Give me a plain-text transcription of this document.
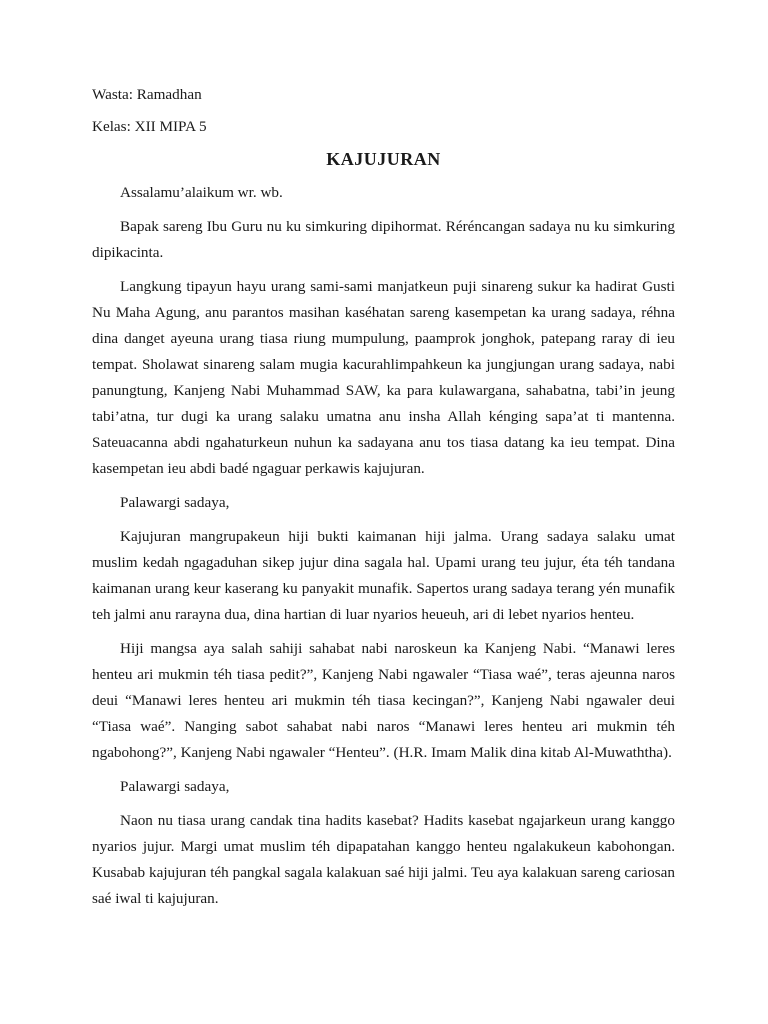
Wasta: Ramadhan

Kelas: XII MIPA 5

KAJUJURAN

Assalamu’alaikum wr. wb.

Bapak sareng Ibu Guru nu ku simkuring dipihormat. Réréncangan sadaya nu ku simkuring dipikacinta.

Langkung tipayun hayu urang sami-sami manjatkeun puji sinareng sukur ka hadirat Gusti Nu Maha Agung, anu parantos masihan kaséhatan sareng kasempetan ka urang sadaya, réhna dina danget ayeuna urang tiasa riung mumpulung, paamprok jonghok, patepang raray di ieu tempat. Sholawat sinareng salam mugia kacurahlimpahkeun ka jungjungan urang sadaya, nabi panungtung, Kanjeng Nabi Muhammad SAW, ka para kulawargana, sahabatna, tabi’in jeung tabi’atna, tur dugi ka urang salaku umatna anu insha Allah kénging sapa’at ti mantenna. Sateuacanna abdi ngahaturkeun nuhun ka sadayana anu tos tiasa datang ka ieu tempat. Dina kasempetan ieu abdi badé ngaguar perkawis kajujuran.

Palawargi sadaya,

Kajujuran mangrupakeun hiji bukti kaimanan hiji jalma. Urang sadaya salaku umat muslim kedah ngagaduhan sikep jujur dina sagala hal. Upami urang teu jujur, éta téh tandana kaimanan urang keur kaserang ku panyakit munafik. Sapertos urang sadaya terang yén munafik teh jalmi anu rarayna dua, dina hartian di luar nyarios heueuh, ari di lebet nyarios henteu.

Hiji mangsa aya salah sahiji sahabat nabi naroskeun ka Kanjeng Nabi. “Manawi leres henteu ari mukmin téh tiasa pedit?”, Kanjeng Nabi ngawaler “Tiasa waé”, teras ajeunna naros deui “Manawi leres henteu ari mukmin téh tiasa kecingan?”, Kanjeng Nabi ngawaler deui “Tiasa waé”. Nanging sabot sahabat nabi naros “Manawi leres henteu ari mukmin téh ngabohong?”, Kanjeng Nabi ngawaler “Henteu”. (H.R. Imam Malik dina kitab Al-Muwaththa).

Palawargi sadaya,

Naon nu tiasa urang candak tina hadits kasebat? Hadits kasebat ngajarkeun urang kanggo nyarios jujur. Margi umat muslim téh dipapatahan kanggo henteu ngalakukeun kabohongan. Kusabab kajujuran téh pangkal sagala kalakuan saé hiji jalmi. Teu aya kalakuan sareng cariosan saé iwal ti kajujuran.
